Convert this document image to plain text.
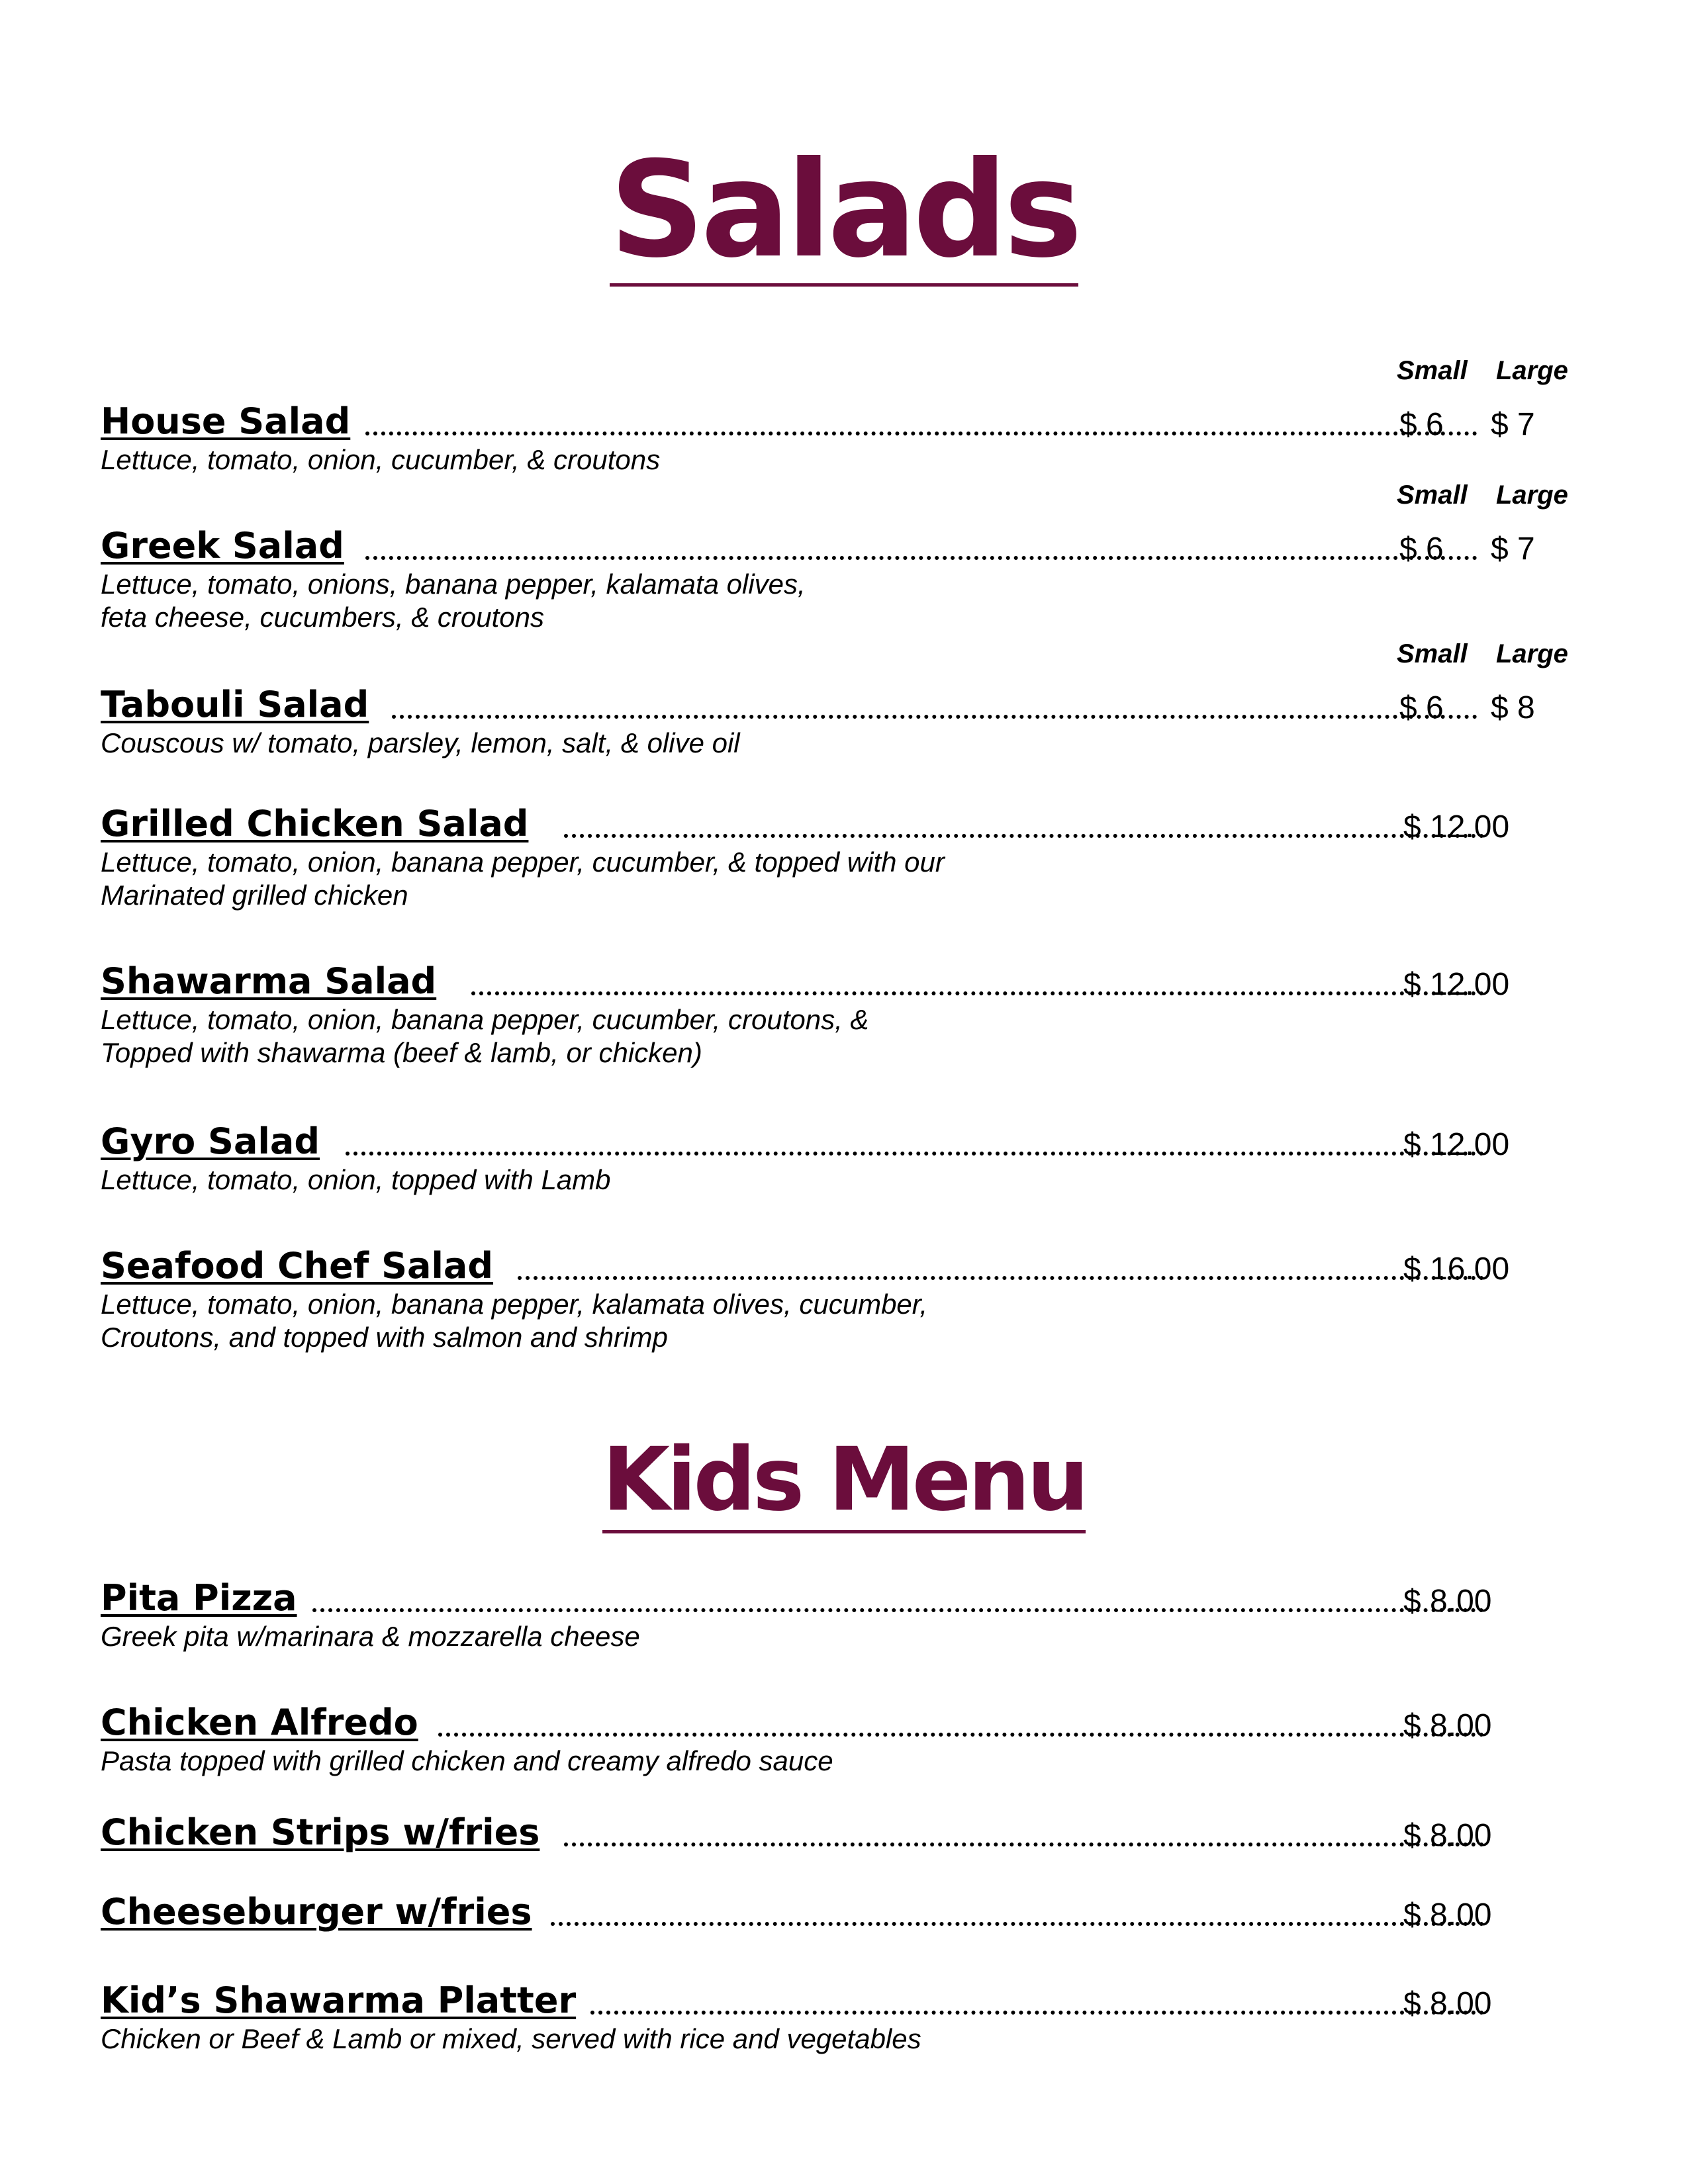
Salads
Small Large
House Salad	$ 6 $ 7
Lettuce, tomato, onion, cucumber, & croutons
Small Large
Greek Salad	$ 6 $ 7
Lettuce, tomato, onions, banana pepper, kalamata olives,
feta cheese, cucumbers, & croutons
Small Large
Tabouli Salad	$ 6 $ 8
Couscous w/ tomato, parsley, lemon, salt, & olive oil
Grilled Chicken Salad	$ 12.00
Lettuce, tomato, onion, banana pepper, cucumber, & topped with our
Marinated grilled chicken
Shawarma Salad	$ 12.00
Lettuce, tomato, onion, banana pepper, cucumber, croutons, &
Topped with shawarma (beef & lamb, or chicken)
Gyro Salad	$ 12.00
Lettuce, tomato, onion, topped with Lamb
Seafood Chef Salad	$ 16.00
Lettuce, tomato, onion, banana pepper, kalamata olives, cucumber,
Croutons, and topped with salmon and shrimp
Kids Menu
Pita Pizza	$ 8.00
Greek pita w/marinara & mozzarella cheese
Chicken Alfredo	$ 8.00
Pasta topped with grilled chicken and creamy alfredo sauce
Chicken Strips w/fries	$ 8.00
Cheeseburger w/fries	$ 8.00
Kid’s Shawarma Platter	$ 8.00
Chicken or Beef & Lamb or mixed, served with rice and vegetables
